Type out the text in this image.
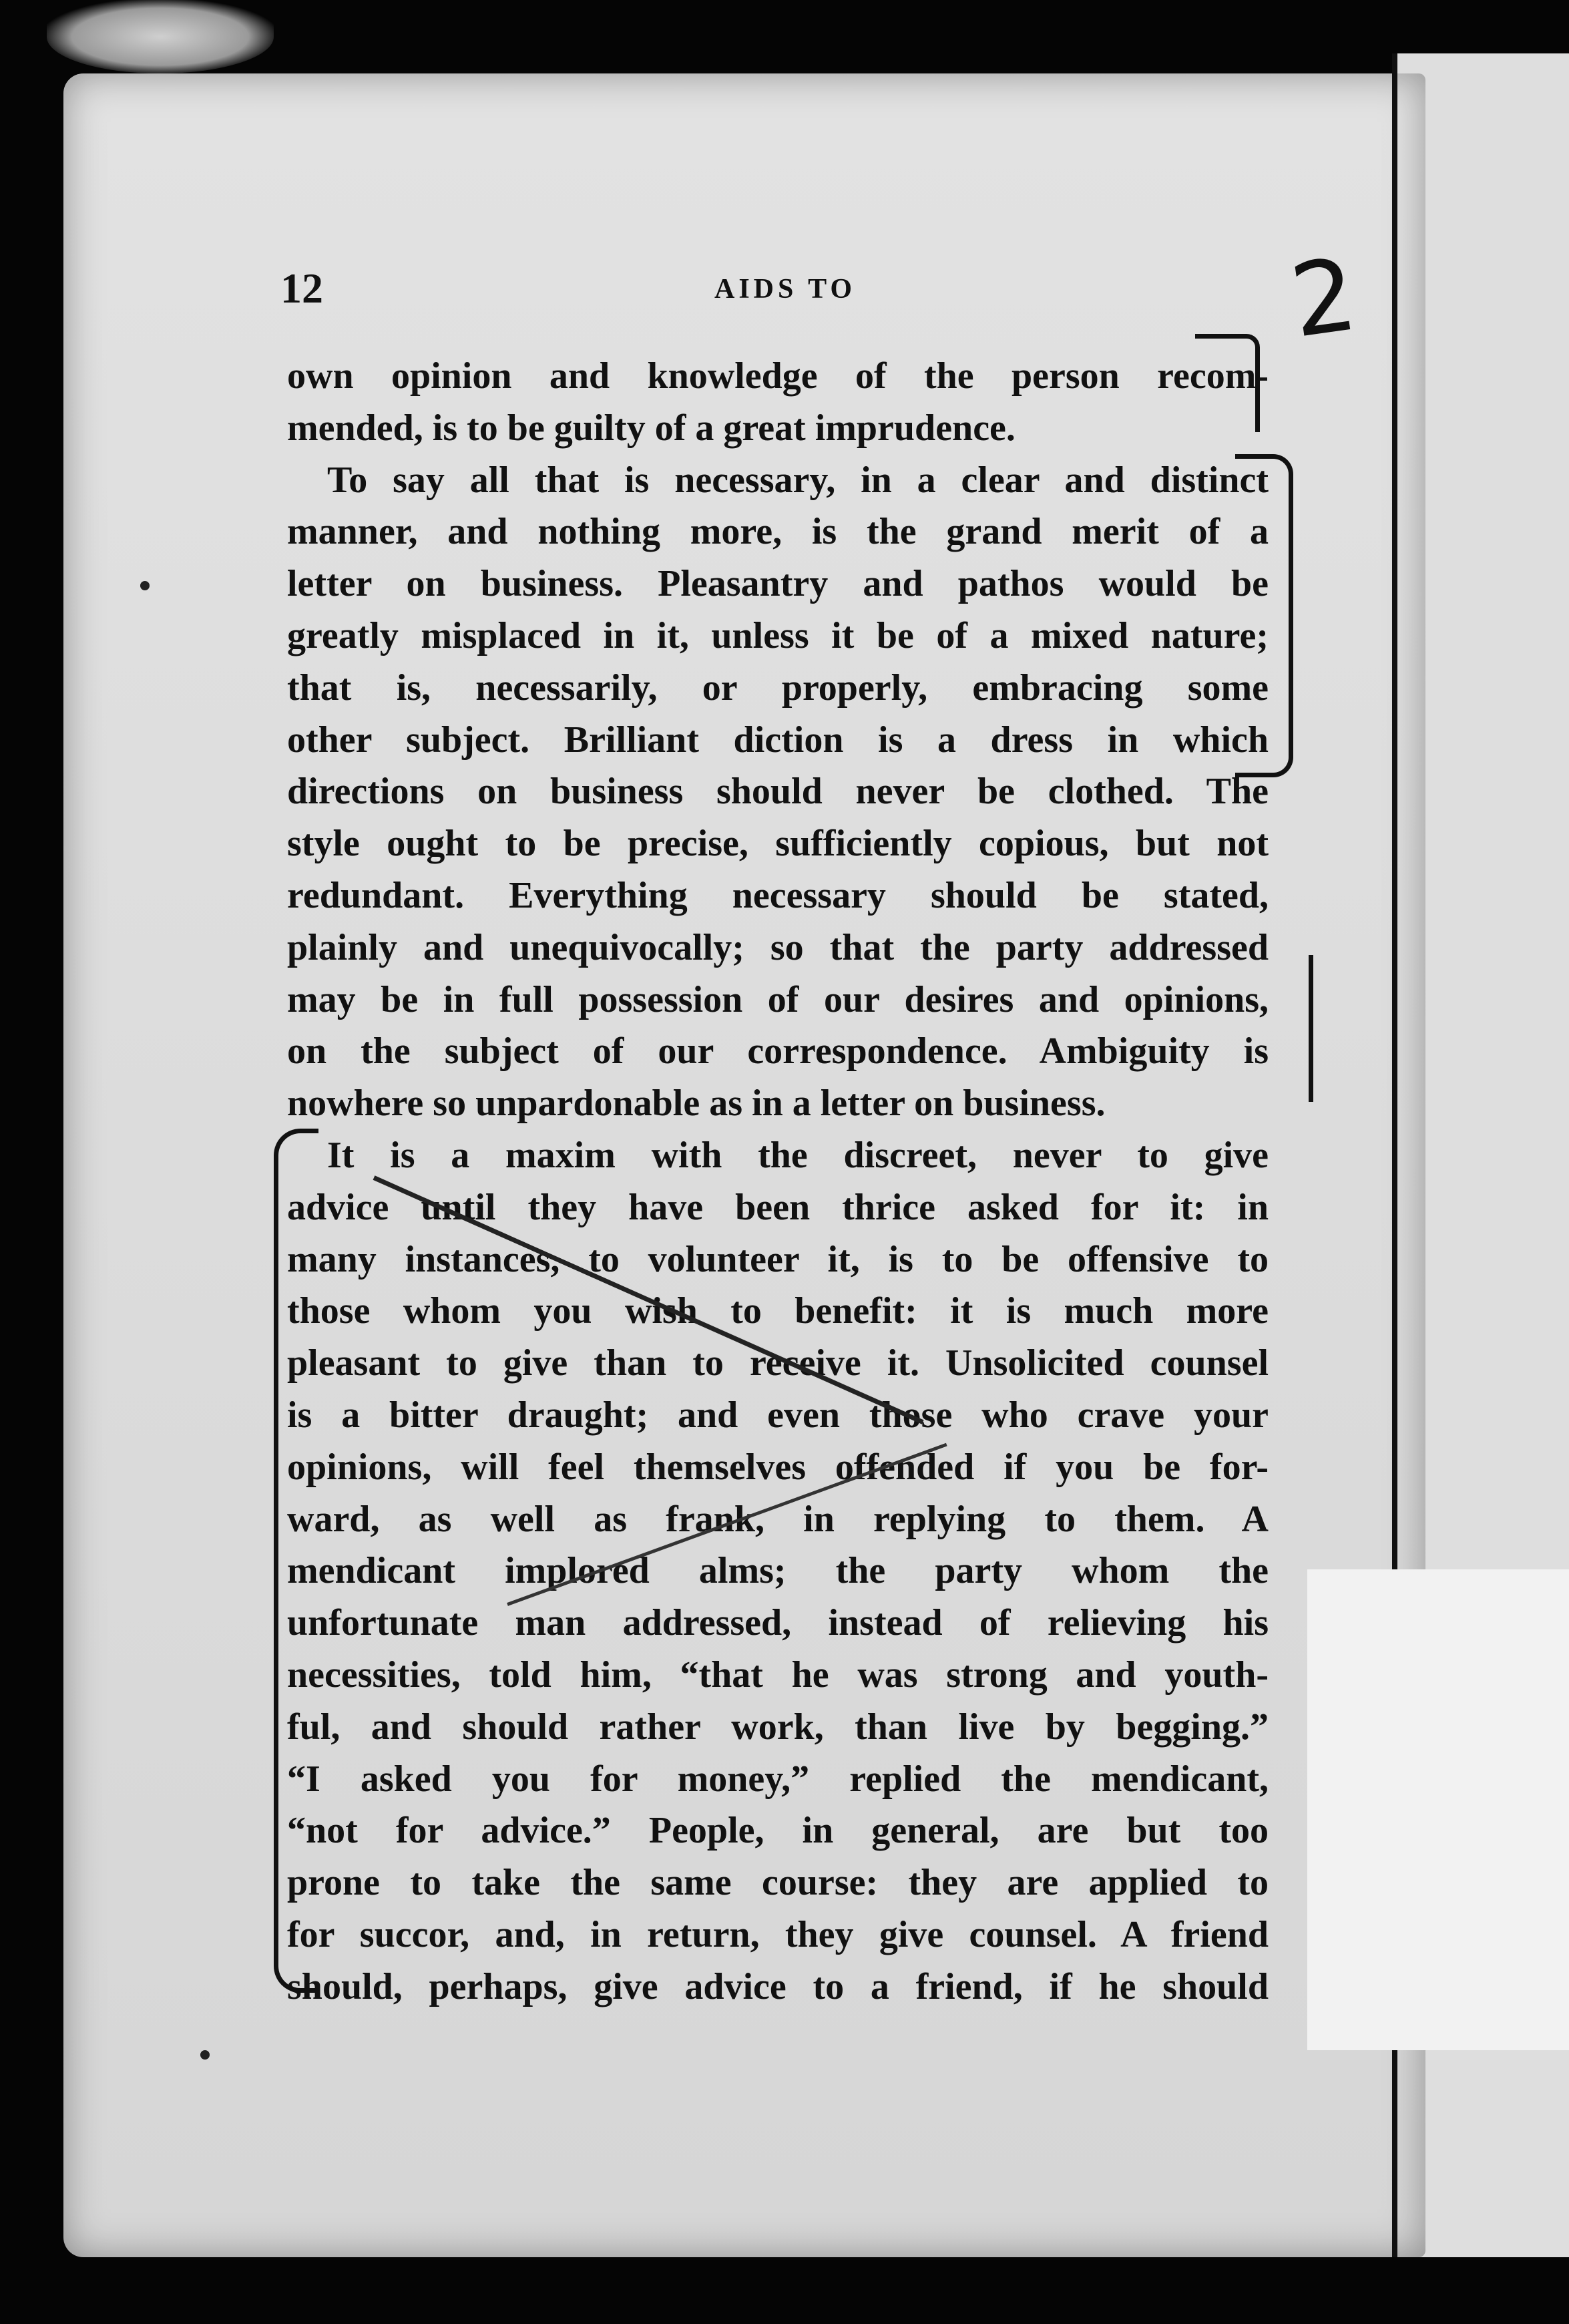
12	AIDS TO	2
own opinion and knowledge of the person recom-
mended, is to be guilty of a great imprudence.
To say all that is necessary, in a clear and distinct
manner, and nothing more, is the grand merit of a
letter on business. Pleasantry and pathos would be
greatly misplaced in it, unless it be of a mixed nature;
that is, necessarily, or properly, embracing some
other subject. Brilliant diction is a dress in which
directions on business should never be clothed. The
style ought to be precise, sufficiently copious, but not
redundant. Everything necessary should be stated,
plainly and unequivocally; so that the party addressed
may be in full possession of our desires and opinions,
on the subject of our correspondence. Ambiguity is
nowhere so unpardonable as in a letter on business.
It is a maxim with the discreet, never to give
advice until they have been thrice asked for it: in
many instances, to volunteer it, is to be offensive to
those whom you wish to benefit: it is much more
pleasant to give than to receive it. Unsolicited counsel
is a bitter draught; and even those who crave your
opinions, will feel themselves offended if you be for-
ward, as well as frank, in replying to them. A
mendicant implored alms; the party whom the
unfortunate man addressed, instead of relieving his
necessities, told him, “that he was strong and youth-
ful, and should rather work, than live by begging.”
“I asked you for money,” replied the mendicant,
“not for advice.” People, in general, are but too
prone to take the same course: they are applied to
for succor, and, in return, they give counsel. A friend
should, perhaps, give advice to a friend, if he should
